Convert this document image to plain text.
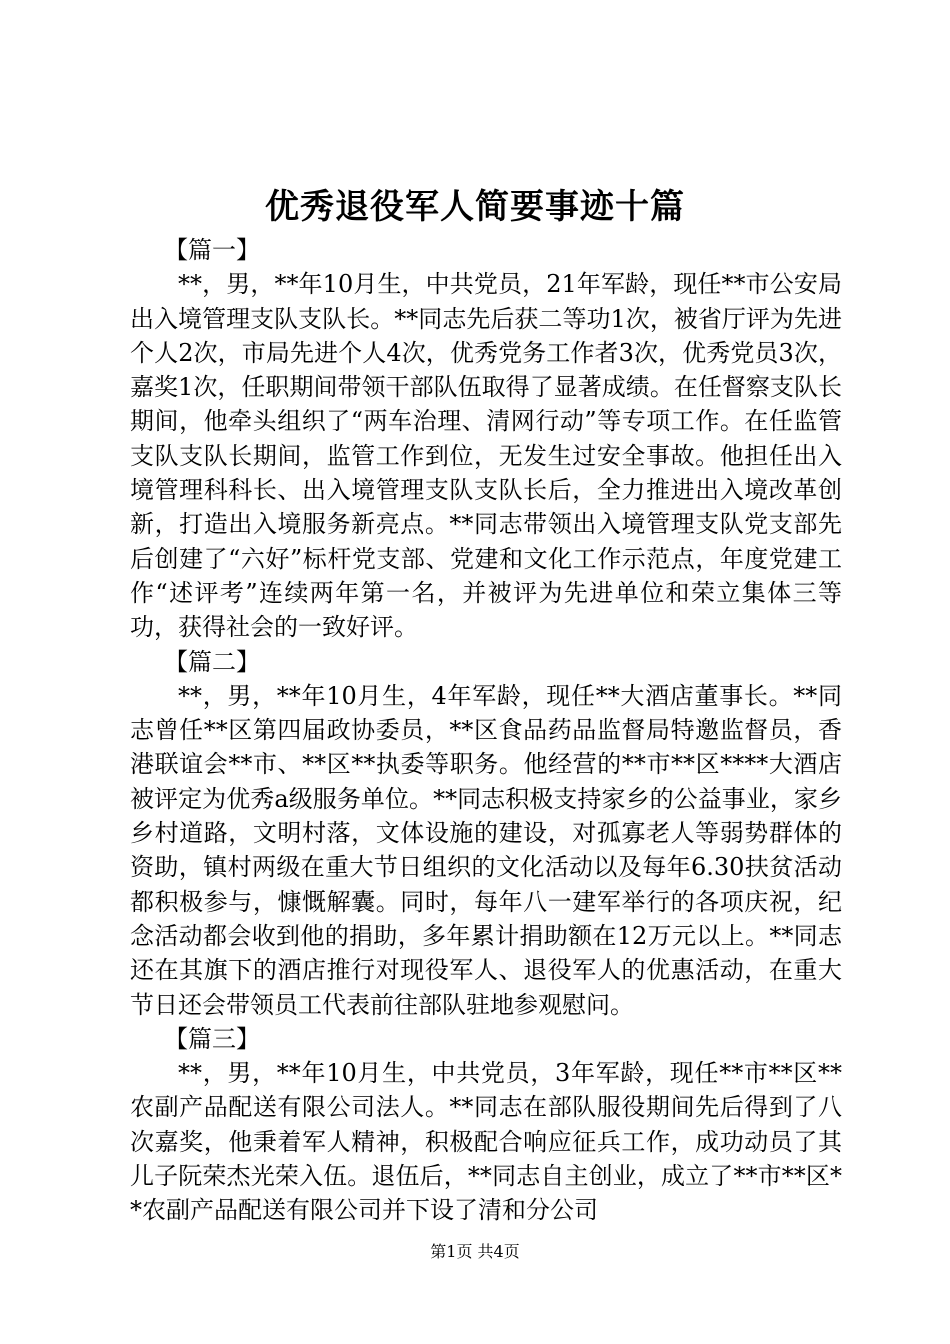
优秀退役军人简要事迹十篇
【篇一】

**，男，**年10月生，中共党员，21年军龄，现任**市公安局出入境管理支队支队长。**同志先后获二等功1次，被省厅评为先进个人2次，市局先进个人4次，优秀党务工作者3次，优秀党员3次，嘉奖1次，任职期间带领干部队伍取得了显著成绩。在任督察支队长期间，他牵头组织了“两车治理、清网行动”等专项工作。在任监管支队支队长期间，监管工作到位，无发生过安全事故。他担任出入境管理科科长、出入境管理支队支队长后，全力推进出入境改革创新，打造出入境服务新亮点。**同志带领出入境管理支队党支部先后创建了“六好”标杆党支部、党建和文化工作示范点，年度党建工作“述评考”连续两年第一名，并被评为先进单位和荣立集体三等功，获得社会的一致好评。

【篇二】

**，男，**年10月生，4年军龄，现任**大酒店董事长。**同志曾任**区第四届政协委员，**区食品药品监督局特邀监督员，香港联谊会**市、**区**执委等职务。他经营的**市**区****大酒店被评定为优秀a级服务单位。**同志积极支持家乡的公益事业，家乡乡村道路，文明村落，文体设施的建设，对孤寡老人等弱势群体的资助，镇村两级在重大节日组织的文化活动以及每年6.30扶贫活动都积极参与，慷慨解囊。同时，每年八一建军举行的各项庆祝，纪念活动都会收到他的捐助，多年累计捐助额在12万元以上。**同志还在其旗下的酒店推行对现役军人、退役军人的优惠活动，在重大节日还会带领员工代表前往部队驻地参观慰问。

【篇三】

**，男，**年10月生，中共党员，3年军龄，现任**市**区**农副产品配送有限公司法人。**同志在部队服役期间先后得到了八次嘉奖，他秉着军人精神，积极配合响应征兵工作，成功动员了其儿子阮荣杰光荣入伍。退伍后，**同志自主创业，成立了**市**区**农副产品配送有限公司并下设了清和分公司

第1页 共4页
